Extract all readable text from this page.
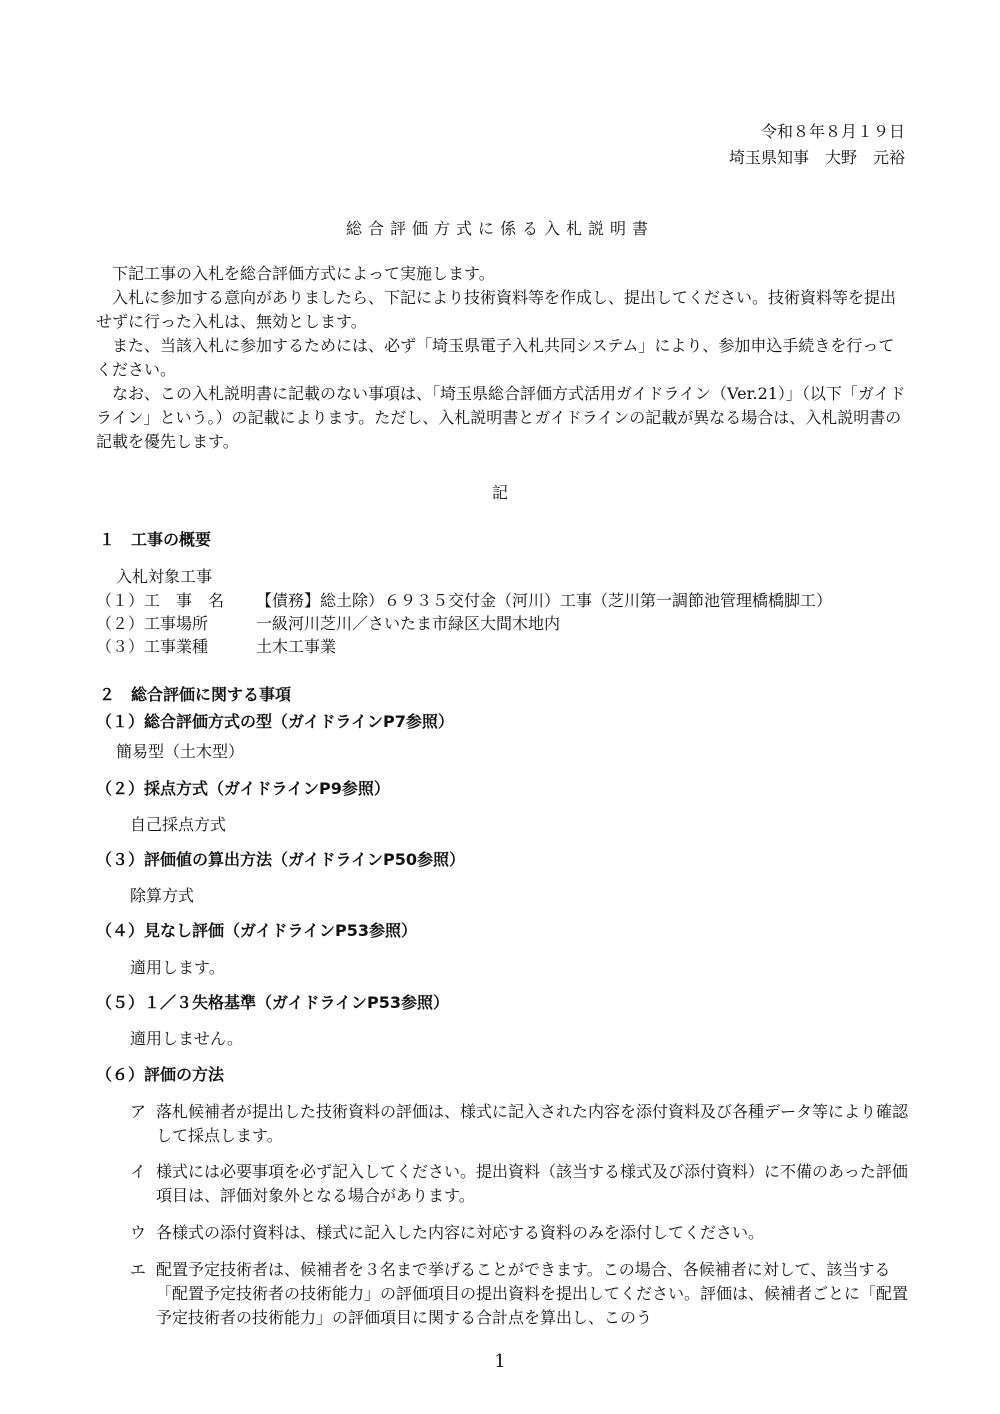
令和８年８月１９日
埼玉県知事　大野　元裕
総合評価方式に係る入札説明書

下記工事の入札を総合評価方式によって実施します。

入札に参加する意向がありましたら、下記により技術資料等を作成し、提出してください。技術資料等を提出せずに行った入札は、無効とします。

また、当該入札に参加するためには、必ず「埼玉県電子入札共同システム」により、参加申込手続きを行ってください。

なお、この入札説明書に記載のない事項は、「埼玉県総合評価方式活用ガイドライン（Ver.21）」（以下「ガイドライン」という。）の記載によります。ただし、入札説明書とガイドラインの記載が異なる場合は、入札説明書の記載を優先します。

記
１　工事の概要
入札対象工事
（１）工　事　名 【債務】総土除）６９３５交付金（河川）工事（芝川第一調節池管理橋橋脚工）
（２）工事場所	一級河川芝川／さいたま市緑区大間木地内
（３）工事業種	土木工事業
２　総合評価に関する事項
（１）総合評価方式の型（ガイドラインP7参照）
簡易型（土木型）
（２）採点方式（ガイドラインP9参照）
自己採点方式
（３）評価値の算出方法（ガイドラインP50参照）
除算方式
（４）見なし評価（ガイドラインP53参照）
適用します。
（５）１／３失格基準（ガイドラインP53参照）
適用しません。
（６）評価の方法
ア 落札候補者が提出した技術資料の評価は、様式に記入された内容を添付資料及び各種データ等により確認して採点します。
イ 様式には必要事項を必ず記入してください。提出資料（該当する様式及び添付資料）に不備のあった評価項目は、評価対象外となる場合があります。
ウ 各様式の添付資料は、様式に記入した内容に対応する資料のみを添付してください。
エ 配置予定技術者は、候補者を３名まで挙げることができます。この場合、各候補者に対して、該当する「配置予定技術者の技術能力」の評価項目の提出資料を提出してください。評価は、候補者ごとに「配置予定技術者の技術能力」の評価項目に関する合計点を算出し、このう
1
